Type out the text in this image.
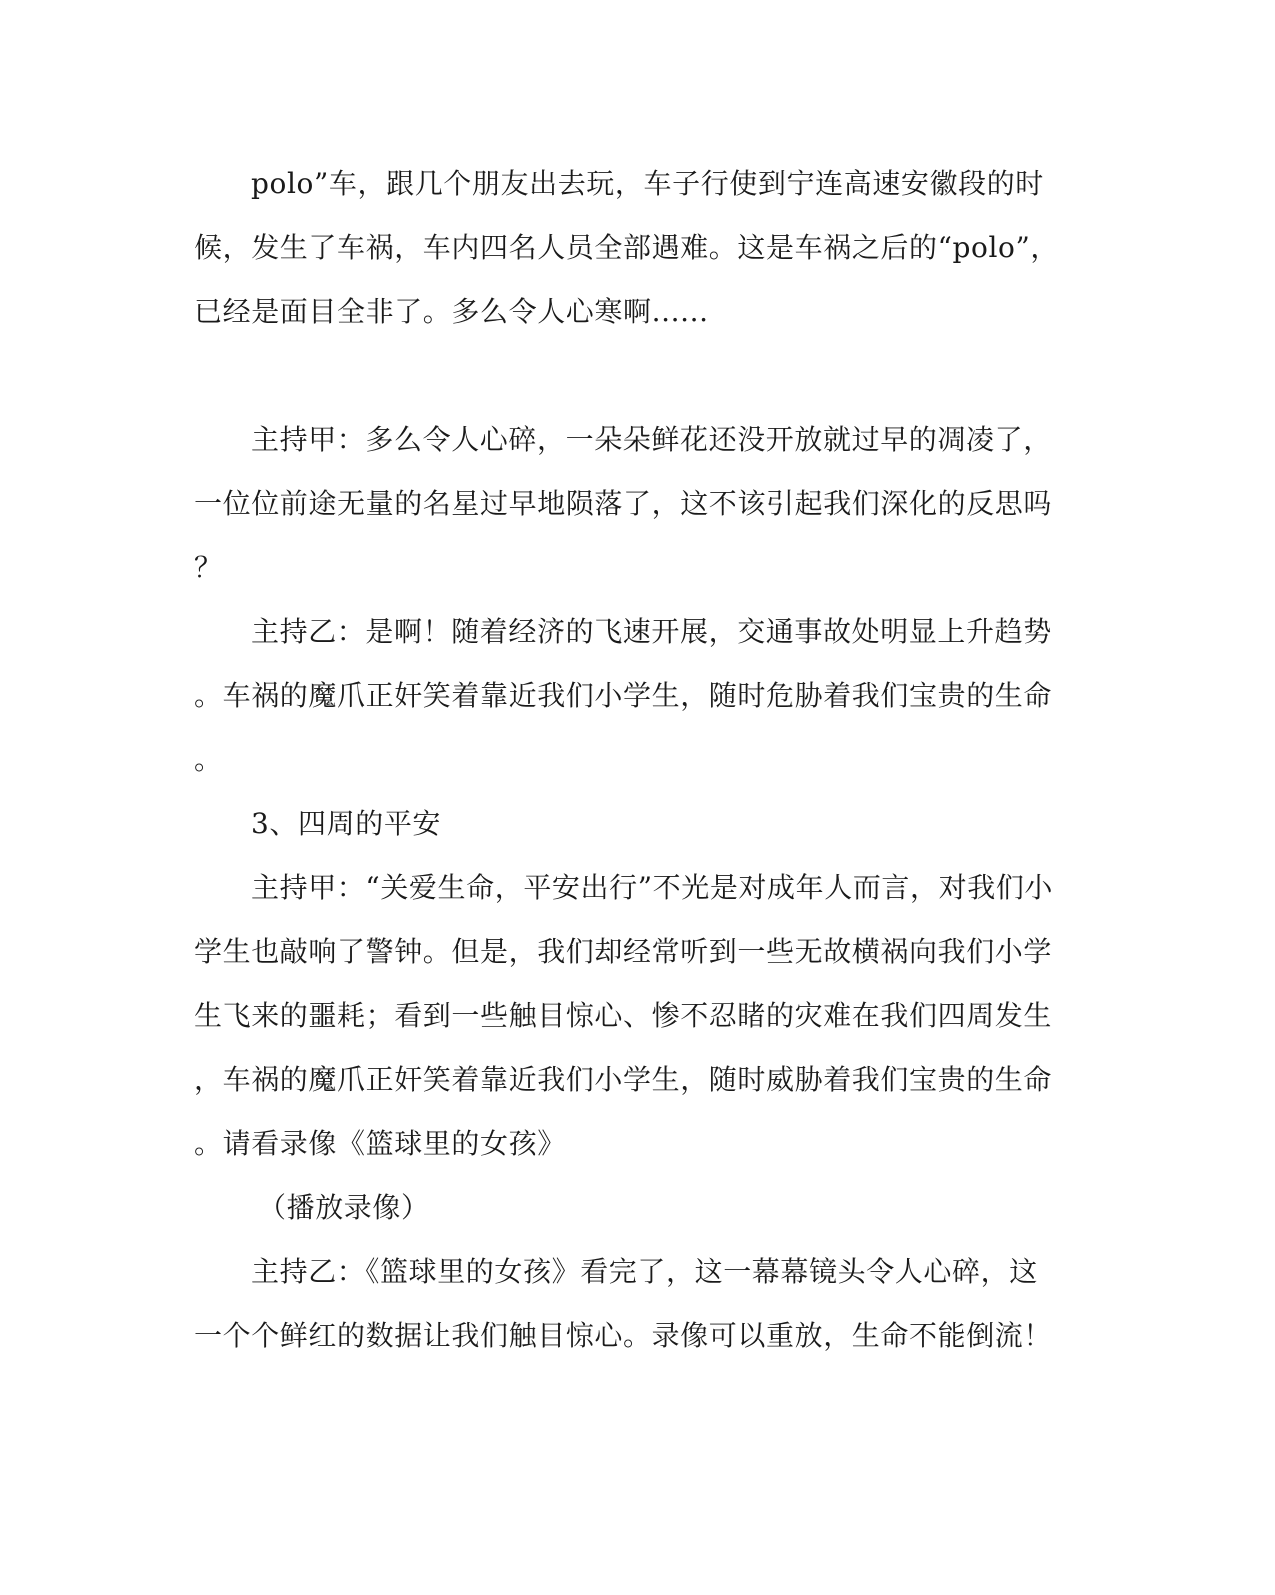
polo”车，跟几个朋友出去玩，车子行使到宁连高速安徽段的时
候，发生了车祸，车内四名人员全部遇难。这是车祸之后的“polo”，
已经是面目全非了。多么令人心寒啊......
主持甲：多么令人心碎，一朵朵鲜花还没开放就过早的凋凌了，
一位位前途无量的名星过早地陨落了，这不该引起我们深化的反思吗
？
主持乙：是啊！随着经济的飞速开展，交通事故处明显上升趋势
。车祸的魔爪正奸笑着靠近我们小学生，随时危胁着我们宝贵的生命
。
3、四周的平安
主持甲：“关爱生命，平安出行”不光是对成年人而言，对我们小
学生也敲响了警钟。但是，我们却经常听到一些无故横祸向我们小学
生飞来的噩耗；看到一些触目惊心、惨不忍睹的灾难在我们四周发生
，车祸的魔爪正奸笑着靠近我们小学生，随时威胁着我们宝贵的生命
。请看录像《篮球里的女孩》
（播放录像）
主持乙：《篮球里的女孩》看完了，这一幕幕镜头令人心碎，这
一个个鲜红的数据让我们触目惊心。录像可以重放，生命不能倒流！
